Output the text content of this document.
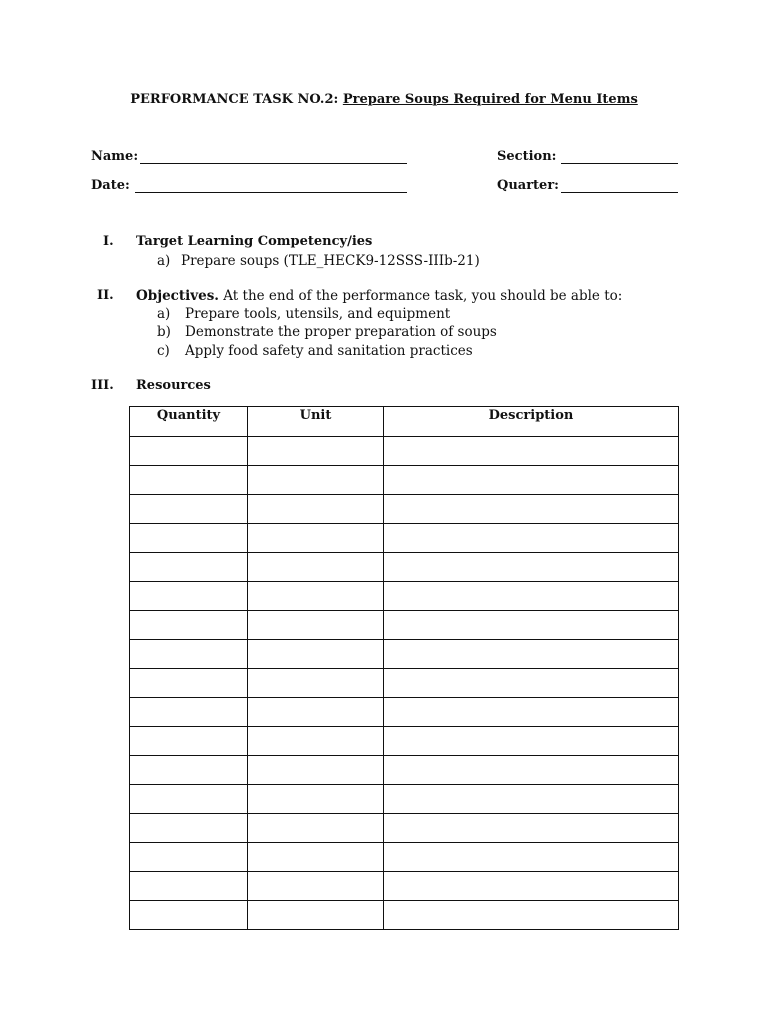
PERFORMANCE TASK NO.2: Prepare Soups Required for Menu Items
Name:
Date:
Section:
Quarter:
I. Target Learning Competency/ies
a) Prepare soups (TLE_HECK9-12SSS-IIIb-21)
II. Objectives. At the end of the performance task, you should be able to:
a) Prepare tools, utensils, and equipment
b) Demonstrate the proper preparation of soups
c) Apply food safety and sanitation practices
III. Resources
Quantity	Unit	Description
